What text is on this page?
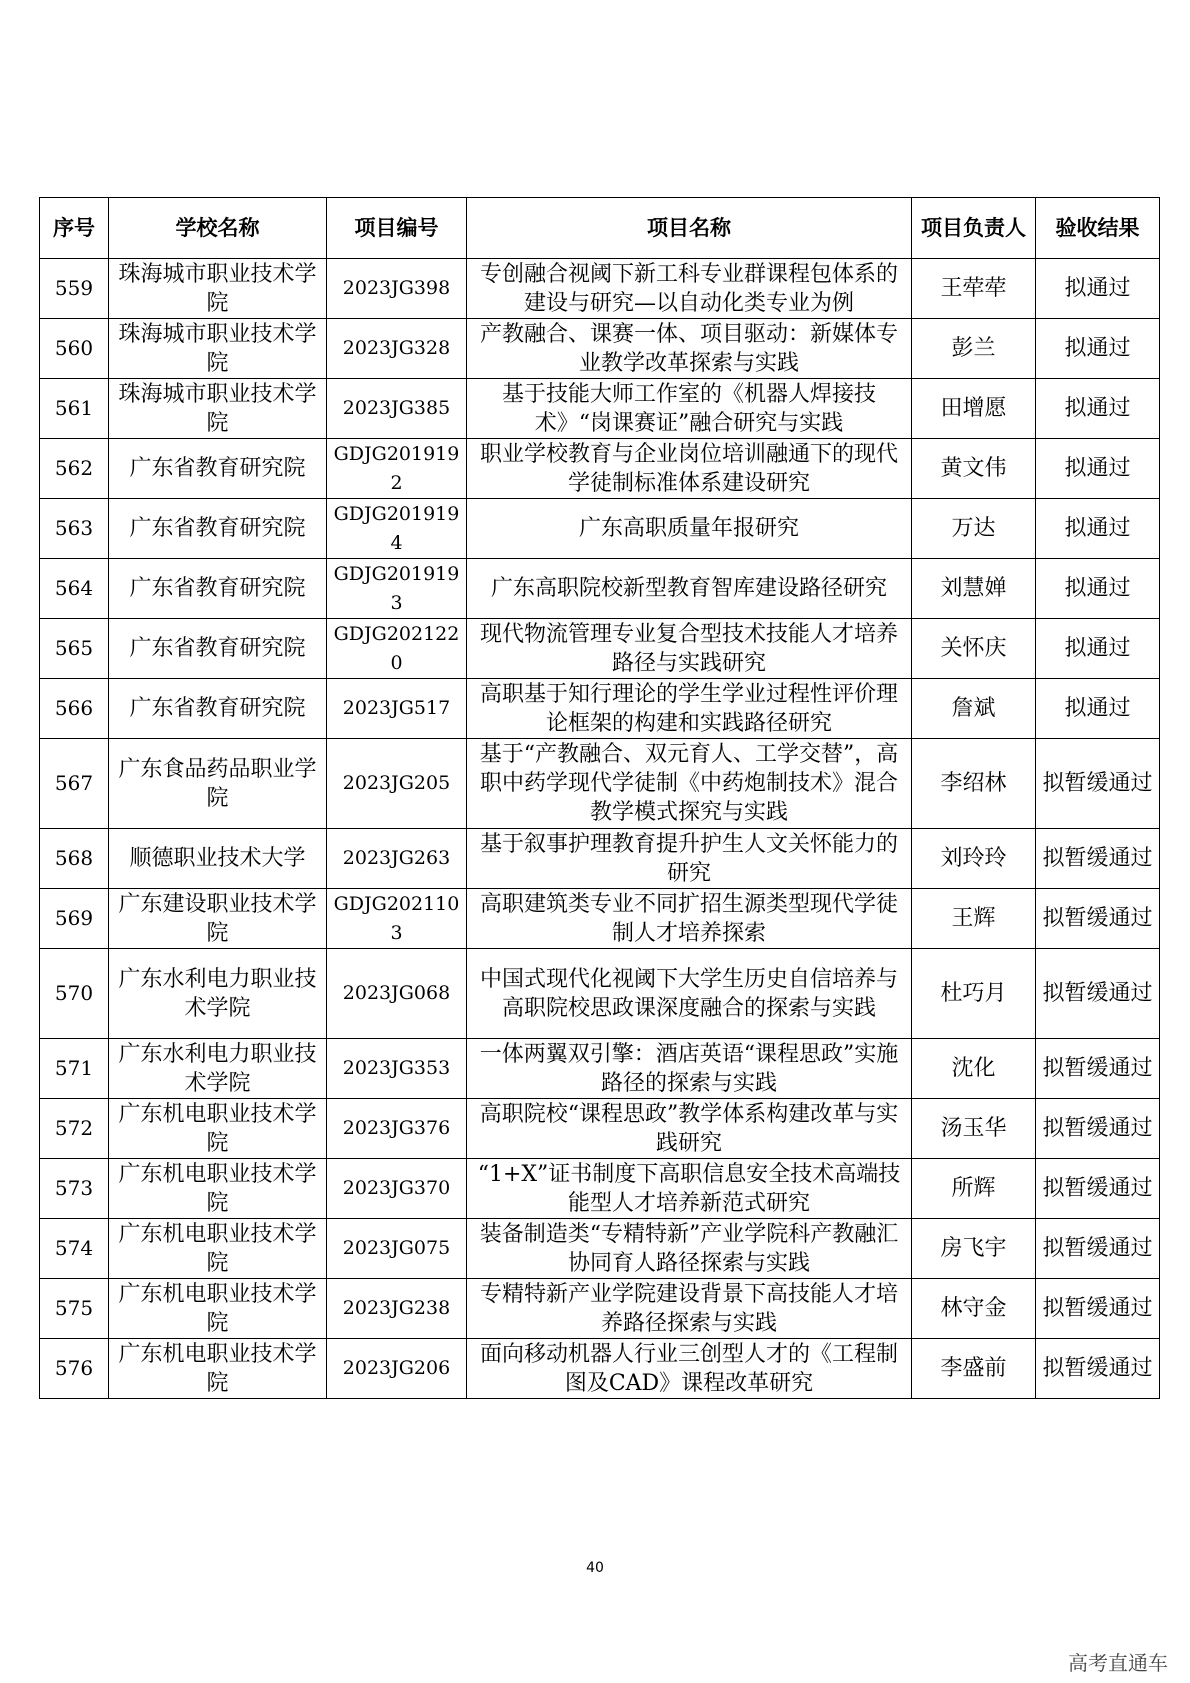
序号	学校名称	项目编号	项目名称	项目负责人	验收结果
559	珠海城市职业技术学院	2023JG398	专创融合视阈下新工科专业群课程包体系的建设与研究—以自动化类专业为例	王荦荦	拟通过
560	珠海城市职业技术学院	2023JG328	产教融合、课赛一体、项目驱动：新媒体专业教学改革探索与实践	彭兰	拟通过
561	珠海城市职业技术学院	2023JG385	基于技能大师工作室的《机器人焊接技术》“岗课赛证”融合研究与实践	田增愿	拟通过
562	广东省教育研究院	GDJG2019192	职业学校教育与企业岗位培训融通下的现代学徒制标准体系建设研究	黄文伟	拟通过
563	广东省教育研究院	GDJG2019194	广东高职质量年报研究	万达	拟通过
564	广东省教育研究院	GDJG2019193	广东高职院校新型教育智库建设路径研究	刘慧婵	拟通过
565	广东省教育研究院	GDJG2021220	现代物流管理专业复合型技术技能人才培养路径与实践研究	关怀庆	拟通过
566	广东省教育研究院	2023JG517	高职基于知行理论的学生学业过程性评价理论框架的构建和实践路径研究	詹斌	拟通过
567	广东食品药品职业学院	2023JG205	基于“产教融合、双元育人、工学交替”，高职中药学现代学徒制《中药炮制技术》混合教学模式探究与实践	李绍林	拟暂缓通过
568	顺德职业技术大学	2023JG263	基于叙事护理教育提升护生人文关怀能力的研究	刘玲玲	拟暂缓通过
569	广东建设职业技术学院	GDJG2021103	高职建筑类专业不同扩招生源类型现代学徒制人才培养探索	王辉	拟暂缓通过
570	广东水利电力职业技术学院	2023JG068	中国式现代化视阈下大学生历史自信培养与高职院校思政课深度融合的探索与实践	杜巧月	拟暂缓通过
571	广东水利电力职业技术学院	2023JG353	一体两翼双引擎：酒店英语“课程思政”实施路径的探索与实践	沈化	拟暂缓通过
572	广东机电职业技术学院	2023JG376	高职院校“课程思政”教学体系构建改革与实践研究	汤玉华	拟暂缓通过
573	广东机电职业技术学院	2023JG370	“1+X”证书制度下高职信息安全技术高端技能型人才培养新范式研究	所辉	拟暂缓通过
574	广东机电职业技术学院	2023JG075	装备制造类“专精特新”产业学院科产教融汇协同育人路径探索与实践	房飞宇	拟暂缓通过
575	广东机电职业技术学院	2023JG238	专精特新产业学院建设背景下高技能人才培养路径探索与实践	林守金	拟暂缓通过
576	广东机电职业技术学院	2023JG206	面向移动机器人行业三创型人才的《工程制图及CAD》课程改革研究	李盛前	拟暂缓通过
40
高考直通车
